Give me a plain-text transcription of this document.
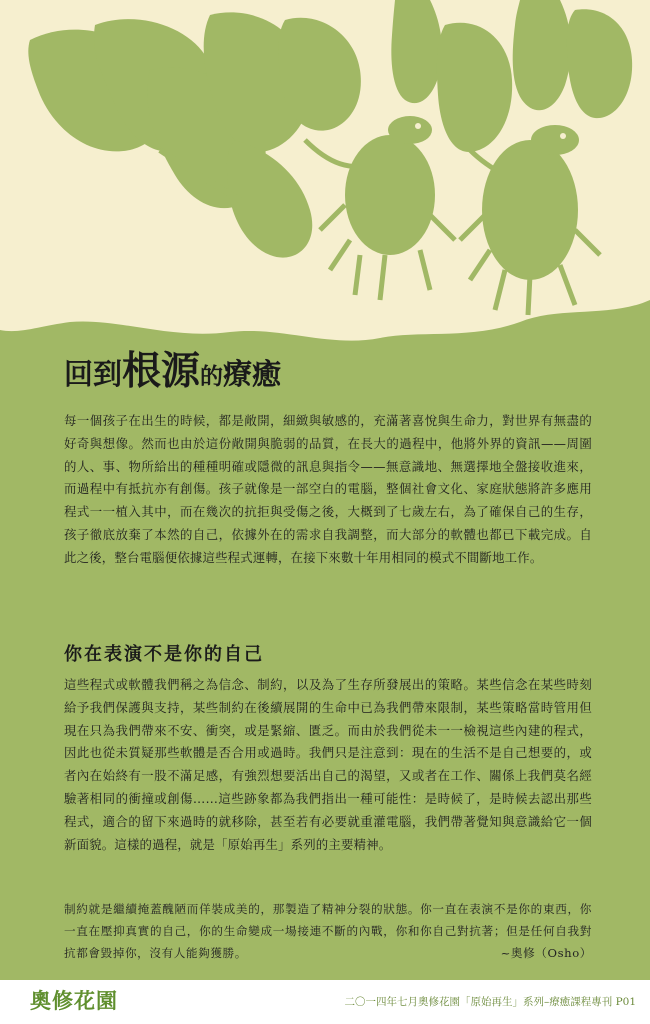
回到根源的療癒

每一個孩子在出生的時候，都是敞開，細緻與敏感的，充滿著喜悅與生命力，對世界有無盡的好奇與想像。然而也由於這份敞開與脆弱的品質，在長大的過程中，他將外界的資訊——周圍的人、事、物所給出的種種明確或隱微的訊息與指令——無意識地、無選擇地全盤接收進來，而過程中有抵抗亦有創傷。孩子就像是一部空白的電腦，整個社會文化、家庭狀態將許多應用程式一一植入其中，而在幾次的抗拒與受傷之後，大概到了七歲左右，為了確保自己的生存，孩子徹底放棄了本然的自己，依據外在的需求自我調整，而大部分的軟體也都已下載完成。自此之後，整台電腦便依據這些程式運轉，在接下來數十年用相同的模式不間斷地工作。

你在表演不是你的自己

這些程式或軟體我們稱之為信念、制約，以及為了生存所發展出的策略。某些信念在某些時刻給予我們保護與支持，某些制約在後續展開的生命中已為我們帶來限制，某些策略當時管用但現在只為我們帶來不安、衝突，或是緊縮、匱乏。而由於我們從未一一檢視這些內建的程式，因此也從未質疑那些軟體是否合用或過時。我們只是注意到：現在的生活不是自己想要的，或者內在始終有一股不滿足感，有強烈想要活出自己的渴望，又或者在工作、關係上我們莫名經驗著相同的衝撞或創傷……這些跡象都為我們指出一種可能性：是時候了，是時候去認出那些程式，適合的留下來過時的就移除，甚至若有必要就重灌電腦，我們帶著覺知與意識給它一個新面貌。這樣的過程，就是「原始再生」系列的主要精神。

制約就是繼續掩蓋醜陋而佯裝成美的，那製造了精神分裂的狀態。你一直在表演不是你的東西，你一直在壓抑真實的自己，你的生命變成一場接連不斷的內戰，你和你自己對抗著；但是任何自我對抗都會毀掉你，沒有人能夠獲勝。	~奧修（Osho）

奧修花園	二〇一四年七月奧修花園「原始再生」系列–療癒課程專刊 P01
